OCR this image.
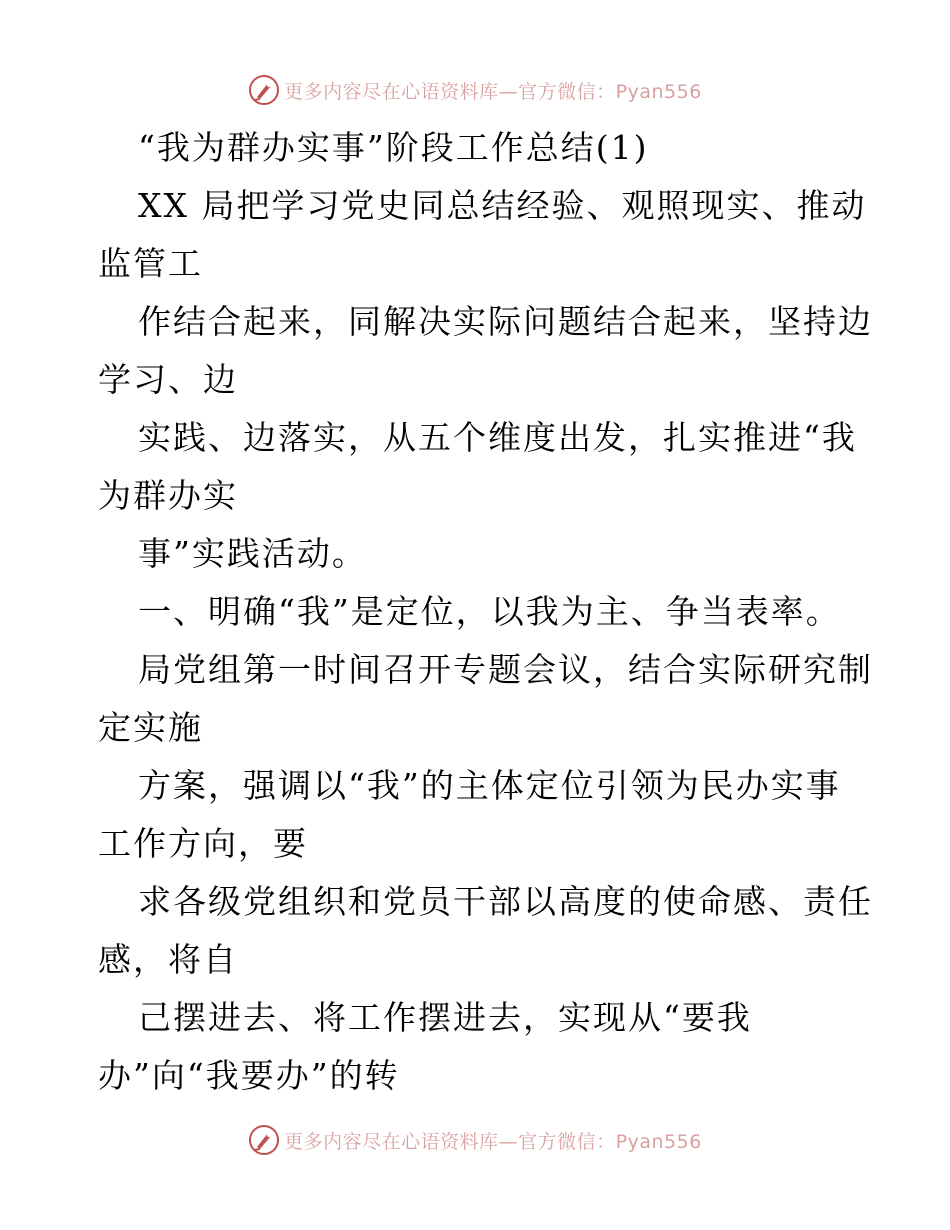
更多内容尽在心语资料库—官方微信：Pyan556
“我为群办实事”阶段工作总结(1)
XX 局把学习党史同总结经验、观照现实、推动
监管工
作结合起来，同解决实际问题结合起来，坚持边
学习、边
实践、边落实，从五个维度出发，扎实推进“我
为群办实
事”实践活动。
一、明确“我”是定位，以我为主、争当表率。
局党组第一时间召开专题会议，结合实际研究制
定实施
方案，强调以“我”的主体定位引领为民办实事
工作方向，要
求各级党组织和党员干部以高度的使命感、责任
感，将自
己摆进去、将工作摆进去，实现从“要我
办”向“我要办”的转
更多内容尽在心语资料库—官方微信：Pyan556
